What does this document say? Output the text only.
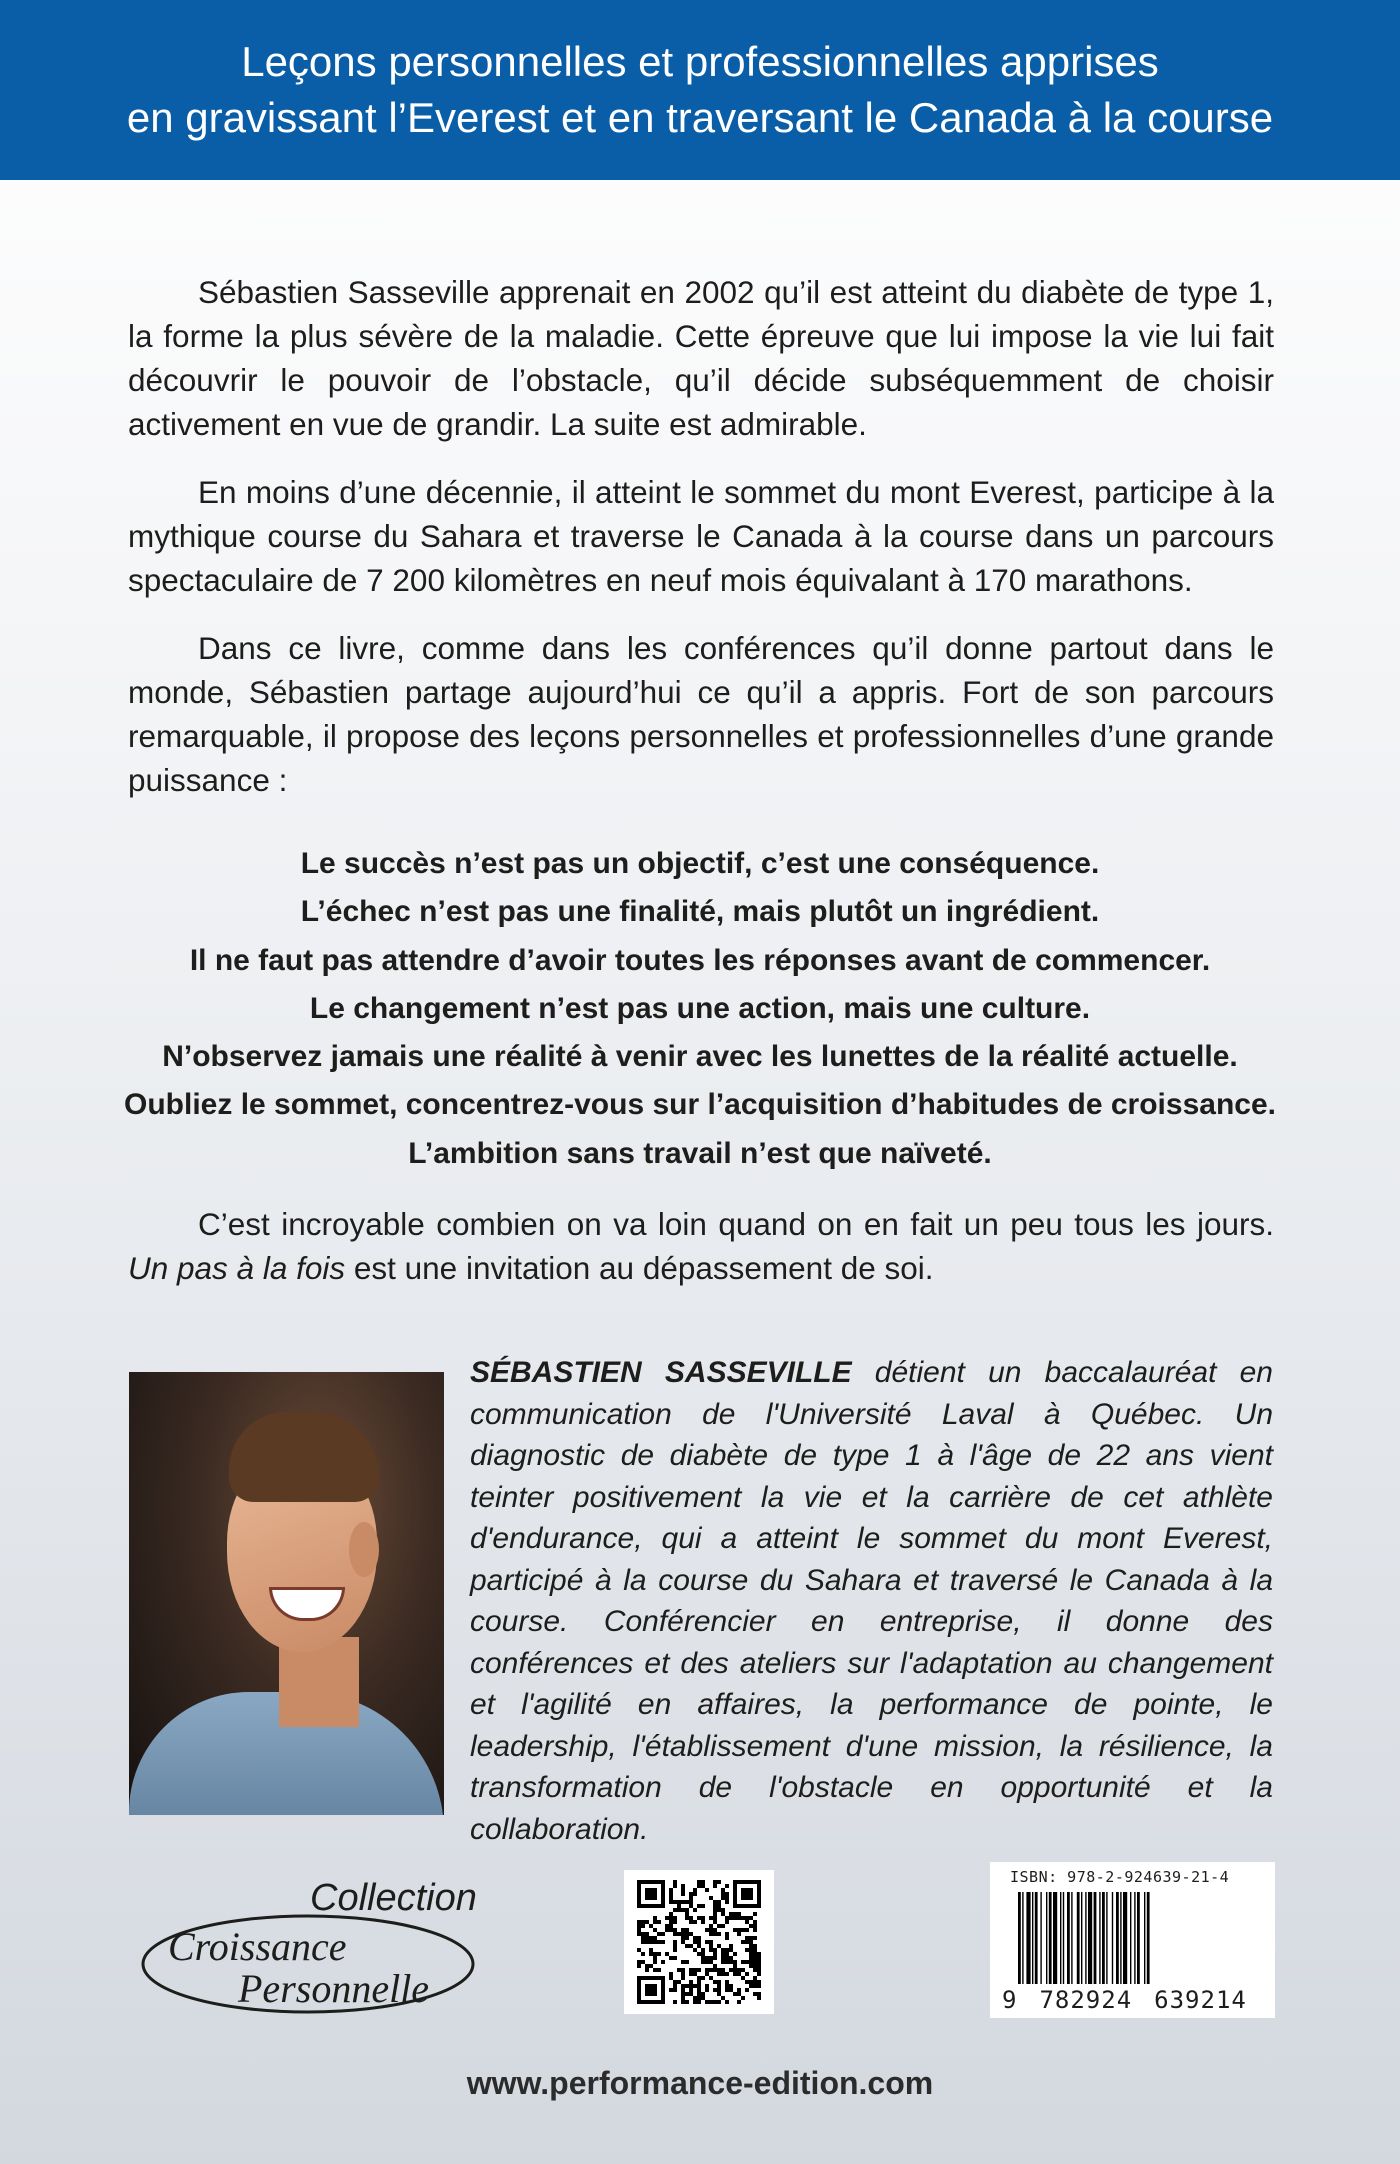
Leçons personnelles et professionnelles apprises
en gravissant l’Everest et en traversant le Canada à la course

Sébastien Sasseville apprenait en 2002 qu’il est atteint du diabète de type 1, la forme la plus sévère de la maladie. Cette épreuve que lui impose la vie lui fait découvrir le pouvoir de l’obstacle, qu’il décide subséquemment de choisir activement en vue de grandir. La suite est admirable.

En moins d’une décennie, il atteint le sommet du mont Everest, participe à la mythique course du Sahara et traverse le Canada à la course dans un parcours spectaculaire de 7 200 kilomètres en neuf mois équivalant à 170 marathons.

Dans ce livre, comme dans les conférences qu’il donne partout dans le monde, Sébastien partage aujourd’hui ce qu’il a appris. Fort de son parcours remarquable, il propose des leçons personnelles et professionnelles d’une grande puissance :

Le succès n’est pas un objectif, c’est une conséquence.
L’échec n’est pas une finalité, mais plutôt un ingrédient.
Il ne faut pas attendre d’avoir toutes les réponses avant de commencer.
Le changement n’est pas une action, mais une culture.
N’observez jamais une réalité à venir avec les lunettes de la réalité actuelle.
Oubliez le sommet, concentrez-vous sur l’acquisition d’habitudes de croissance.
L’ambition sans travail n’est que naïveté.
C’est incroyable combien on va loin quand on en fait un peu tous les jours. Un pas à la fois est une invitation au dépassement de soi.
SÉBASTIEN SASSEVILLE détient un baccalauréat en communication de l'Université Laval à Québec. Un diagnostic de diabète de type 1 à l'âge de 22 ans vient teinter positivement la vie et la carrière de cet athlète d'endurance, qui a atteint le sommet du mont Everest, participé à la course du Sahara et traversé le Canada à la course. Conférencier en entreprise, il donne des conférences et des ateliers sur l'adaptation au changement et l'agilité en affaires, la performance de pointe, le leadership, l'établissement d'une mission, la résilience, la transformation de l'obstacle en opportunité et la collaboration.
Collection
Croissance
Personnelle
ISBN: 978-2-924639-21-4
9 782924 639214
www.performance-edition.com
